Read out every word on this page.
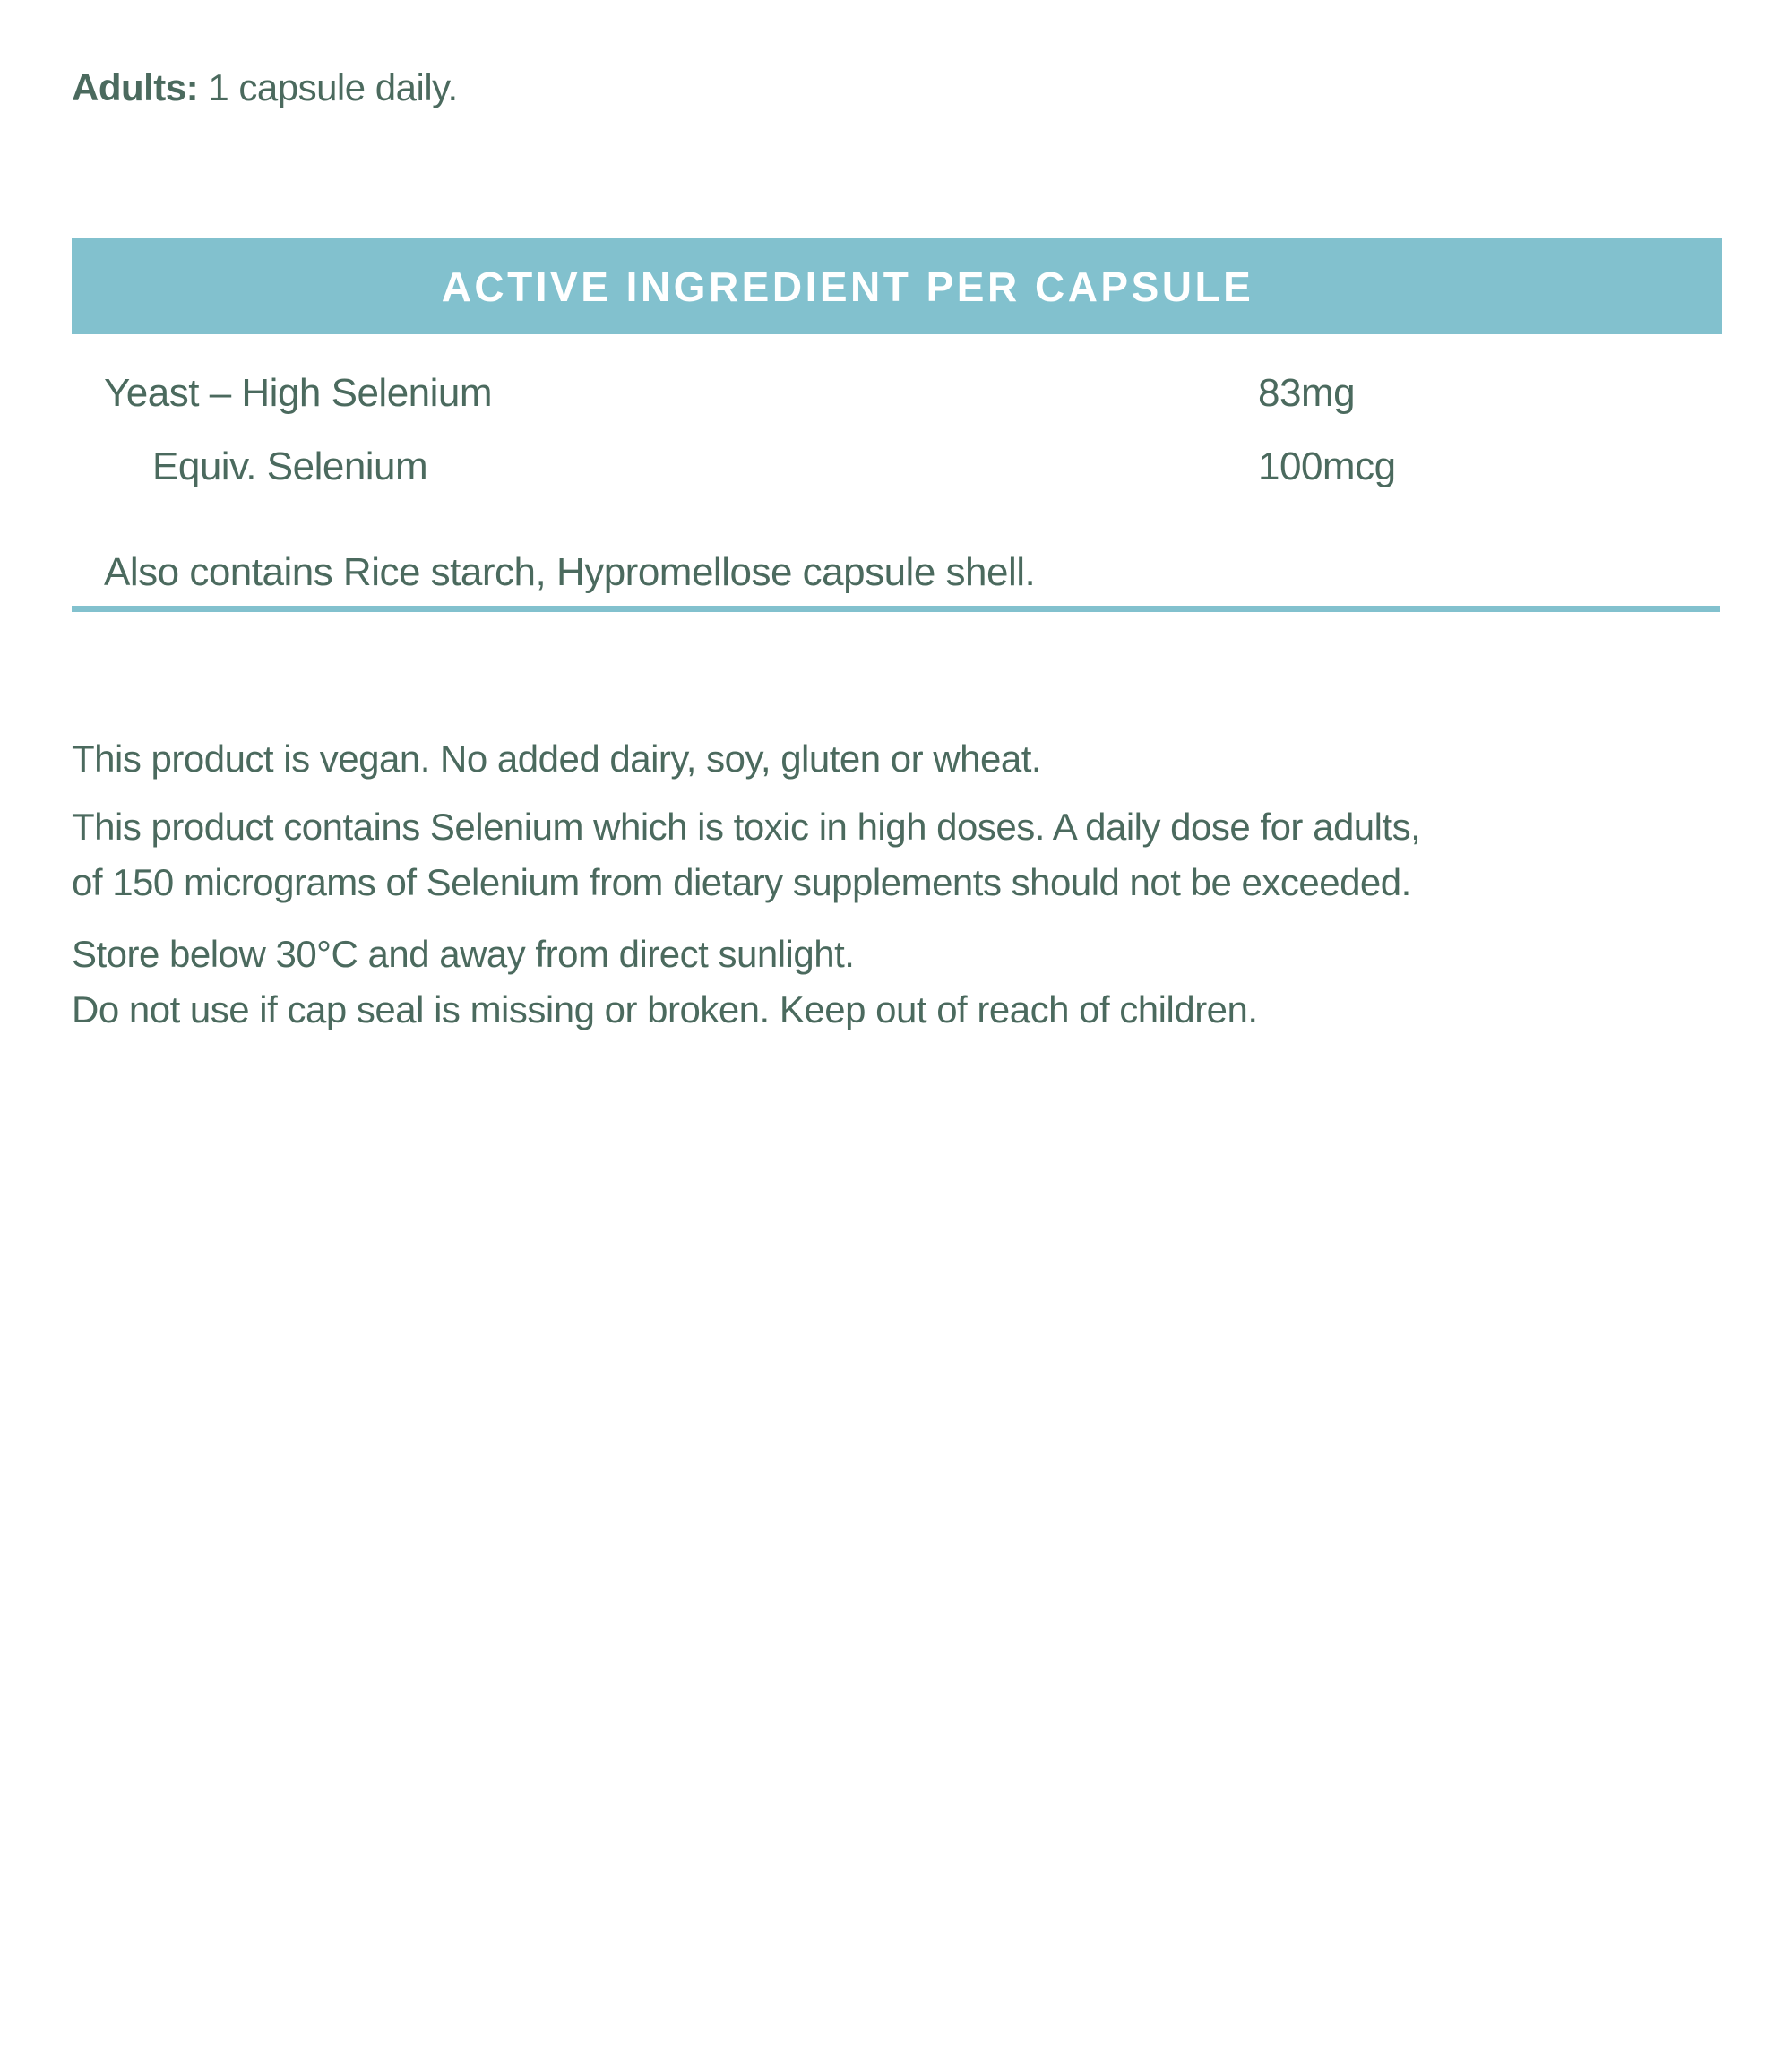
Adults: 1 capsule daily.

ACTIVE INGREDIENT PER CAPSULE
Yeast – High Selenium	83mg
Equiv. Selenium	100mcg
Also contains Rice starch, Hypromellose capsule shell.

This product is vegan. No added dairy, soy, gluten or wheat.

This product contains Selenium which is toxic in high doses. A daily dose for adults,
of 150 micrograms of Selenium from dietary supplements should not be exceeded.

Store below 30°C and away from direct sunlight.
Do not use if cap seal is missing or broken. Keep out of reach of children.
